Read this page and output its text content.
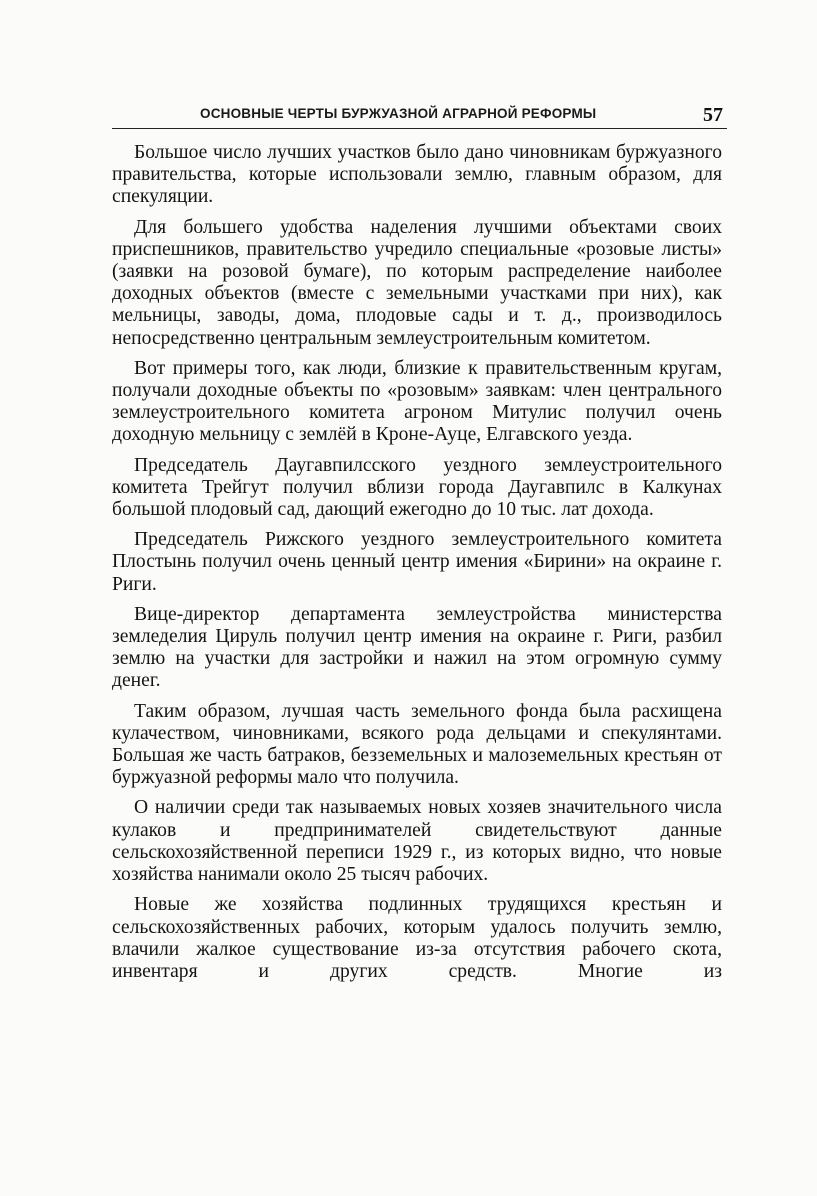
ОСНОВНЫЕ ЧЕРТЫ БУРЖУАЗНОЙ АГРАРНОЙ РЕФОРМЫ	57

Большое число лучших участков было дано чиновникам буржуазного правительства, которые использовали землю, главным образом, для спекуляции.

Для большего удобства наделения лучшими объектами своих приспешников, правительство учредило специальные «розовые листы» (заявки на розовой бумаге), по которым распределение наиболее доходных объектов (вместе с земельными участками при них), как мельницы, заводы, дома, плодовые сады и т. д., производилось непосредственно центральным землеустроительным комитетом.

Вот примеры того, как люди, близкие к правительственным кругам, получали доходные объекты по «розовым» заявкам: член центрального землеустроительного комитета агроном Митулис получил очень доходную мельницу с землёй в Кроне-Ауце, Елгавского уезда.

Председатель Даугавпилсского уездного землеустроительного комитета Трейгут получил вблизи города Даугавпилс в Калкунах большой плодовый сад, дающий ежегодно до 10 тыс. лат дохода.

Председатель Рижского уездного землеустроительного комитета Плостынь получил очень ценный центр имения «Бирини» на окраине г. Риги.

Вице-директор департамента землеустройства министерства земледелия Цируль получил центр имения на окраине г. Риги, разбил землю на участки для застройки и нажил на этом огромную сумму денег.

Таким образом, лучшая часть земельного фонда была расхищена кулачеством, чиновниками, всякого рода дельцами и спекулянтами. Большая же часть батраков, безземельных и малоземельных крестьян от буржуазной реформы мало что получила.

О наличии среди так называемых новых хозяев значительного числа кулаков и предпринимателей свидетельствуют данные сельскохозяйственной переписи 1929 г., из которых видно, что новые хозяйства нанимали около 25 тысяч рабочих.

Новые же хозяйства подлинных трудящихся крестьян и сельскохозяйственных рабочих, которым удалось получить землю, влачили жалкое существование из-за отсутствия рабочего скота, инвентаря и других средств. Многие из
